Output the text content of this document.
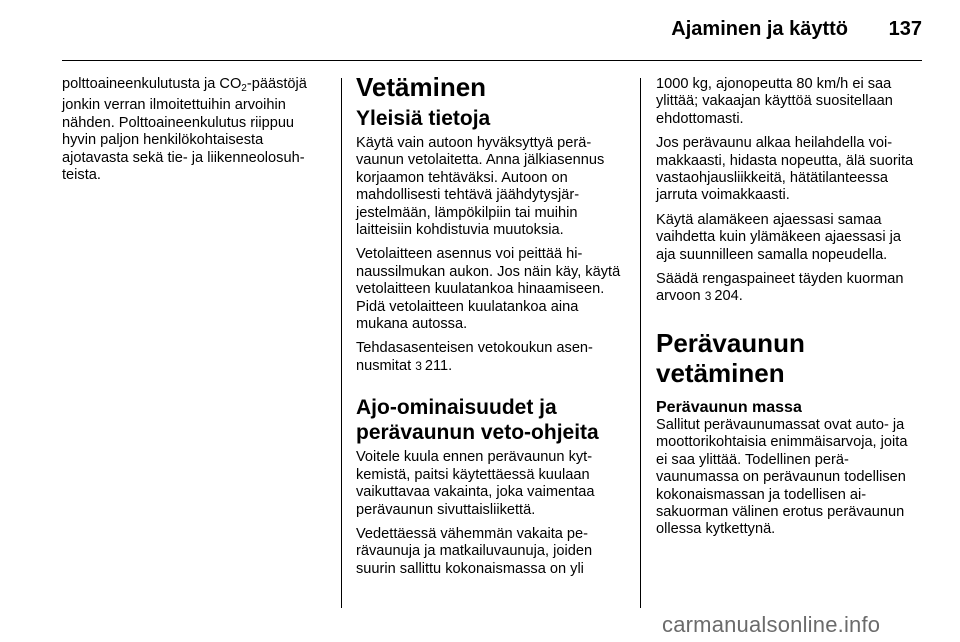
Ajaminen ja käyttö	137

polttoaineenkulutusta ja $CO_2$-päästöjä jonkin verran ilmoitettuihin arvoihin nähden. Polttoaineenkulutus riippuu hyvin paljon henkilökohtaisesta ajotavasta sekä tie- ja liikenneolosuhteista.

Vetäminen
Yleisiä tietoja

Käytä vain autoon hyväksyttyä perävaunun vetolaitetta. Anna jälkiasennus korjaamon tehtäväksi. Autoon on mahdollisesti tehtävä jäähdytysjärjestelmään, lämpökilpiin tai muihin laitteisiin kohdistuvia muutoksia.

Vetolaitteen asennus voi peittää hinaussilmukan aukon. Jos näin käy, käytä vetolaitteen kuulatankoa hinaamiseen. Pidä vetolaitteen kuulatankoa aina mukana autossa.

Tehdasasenteisen vetokoukun asennusmitat 3 211.

Ajo-ominaisuudet ja perävaunun veto-ohjeita

Voitele kuula ennen perävaunun kytkemistä, paitsi käytettäessä kuulaan vaikuttavaa vakainta, joka vaimentaa perävaunun sivuttaisliikettä.

Vedettäessä vähemmän vakaita perävaunuja ja matkailuvaunuja, joiden suurin sallittu kokonaismassa on yli

1000 kg, ajonopeutta 80 km/h ei saa ylittää; vakaajan käyttöä suositellaan ehdottomasti.

Jos perävaunu alkaa heilahdella voimakkaasti, hidasta nopeutta, älä suorita vastaohjausliikkeitä, hätätilanteessa jarruta voimakkaasti.

Käytä alamäkeen ajaessasi samaa vaihdetta kuin ylämäkeen ajaessasi ja aja suunnilleen samalla nopeudella.

Säädä rengaspaineet täyden kuorman arvoon 3 204.

Perävaunun vetäminen
Perävaunun massa

Sallitut perävaunumassat ovat auto- ja moottorikohtaisia enimmäisarvoja, joita ei saa ylittää. Todellinen perävaunumassa on perävaunun todellisen kokonaismassan ja todellisen aisakuorman välinen erotus perävaunun ollessa kytkettynä.

carmanualsonline.info
